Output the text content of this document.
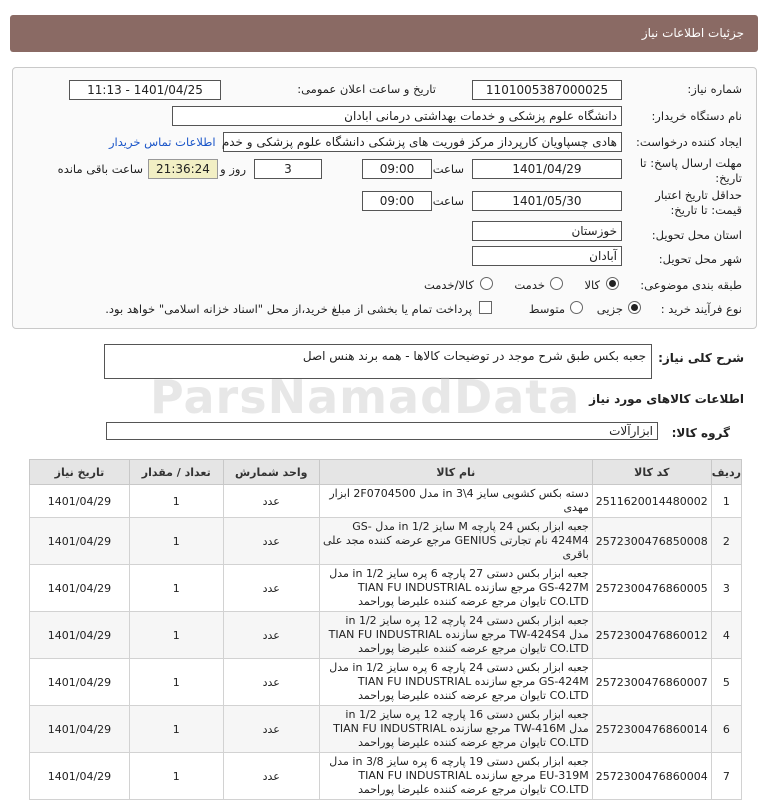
جزئیات اطلاعات نیاز
شماره نیاز:
1101005387000025
تاریخ و ساعت اعلان عمومی:
1401/04/25 - 11:13
نام دستگاه خریدار:
دانشگاه علوم پزشکی و خدمات بهداشتی درمانی ابادان
ایجاد کننده درخواست:
هادی چسپاویان کارپرداز مرکز فوریت های پزشکی دانشگاه علوم پزشکی و خدم
اطلاعات تماس خریدار
مهلت ارسال پاسخ: تا
تاریخ:
1401/04/29
ساعت
09:00
3
روز و
21:36:24
ساعت باقی مانده
حداقل تاریخ اعتبار
قیمت: تا تاریخ:
1401/05/30
ساعت
09:00
استان محل تحویل:
خوزستان
شهر محل تحویل:
آبادان
طبقه بندی موضوعی:
کالا
خدمت
کالا/خدمت
نوع فرآیند خرید :
جزیی
متوسط
پرداخت تمام یا بخشی از مبلغ خرید،از محل "اسناد خزانه اسلامی" خواهد بود.
شرح کلی نیاز:
جعبه بکس طبق شرح موجد در توضیحات کالاها - همه برند هنس اصل
اطلاعات کالاهای مورد نیاز
گروه کالا:
ابزارآلات
ParsNamadData
ردیف	کد کالا	نام کالا	واحد شمارش	تعداد / مقدار	تاریخ نیاز
1	2511620014480002	دسته بکس کشویی سایز 4\3 in مدل 2F0704500 ابزار مهدی	عدد	1	1401/04/29
2	2572300476850008	جعبه ابزار بکس 24 پارچه M سایز 1/2 in مدل GS-424M4 نام تجارتی GENIUS مرجع عرضه کننده مجد علی باقری	عدد	1	1401/04/29
3	2572300476860005	جعبه ابزار بکس دستی 27 پارچه 6 پره سایز 1/2 in مدل GS-427M مرجع سازنده TIAN FU INDUSTRIAL CO.LTD تایوان مرجع عرضه کننده علیرضا پوراحمد	عدد	1	1401/04/29
4	2572300476860012	جعبه ابزار بکس دستی 24 پارچه 12 پره سایز 1/2 in مدل TW-424S4 مرجع سازنده TIAN FU INDUSTRIAL CO.LTD تایوان مرجع عرضه کننده علیرضا پوراحمد	عدد	1	1401/04/29
5	2572300476860007	جعبه ابزار بکس دستی 24 پارچه 6 پره سایز 1/2 in مدل GS-424M مرجع سازنده TIAN FU INDUSTRIAL CO.LTD تایوان مرجع عرضه کننده علیرضا پوراحمد	عدد	1	1401/04/29
6	2572300476860014	جعبه ابزار بکس دستی 16 پارچه 12 پره سایز 1/2 in مدل TW-416M مرجع سازنده TIAN FU INDUSTRIAL CO.LTD تایوان مرجع عرضه کننده علیرضا پوراحمد	عدد	1	1401/04/29
7	2572300476860004	جعبه ابزار بکس دستی 19 پارچه 6 پره سایز 3/8 in مدل EU-319M مرجع سازنده TIAN FU INDUSTRIAL CO.LTD تایوان مرجع عرضه کننده علیرضا پوراحمد	عدد	1	1401/04/29
